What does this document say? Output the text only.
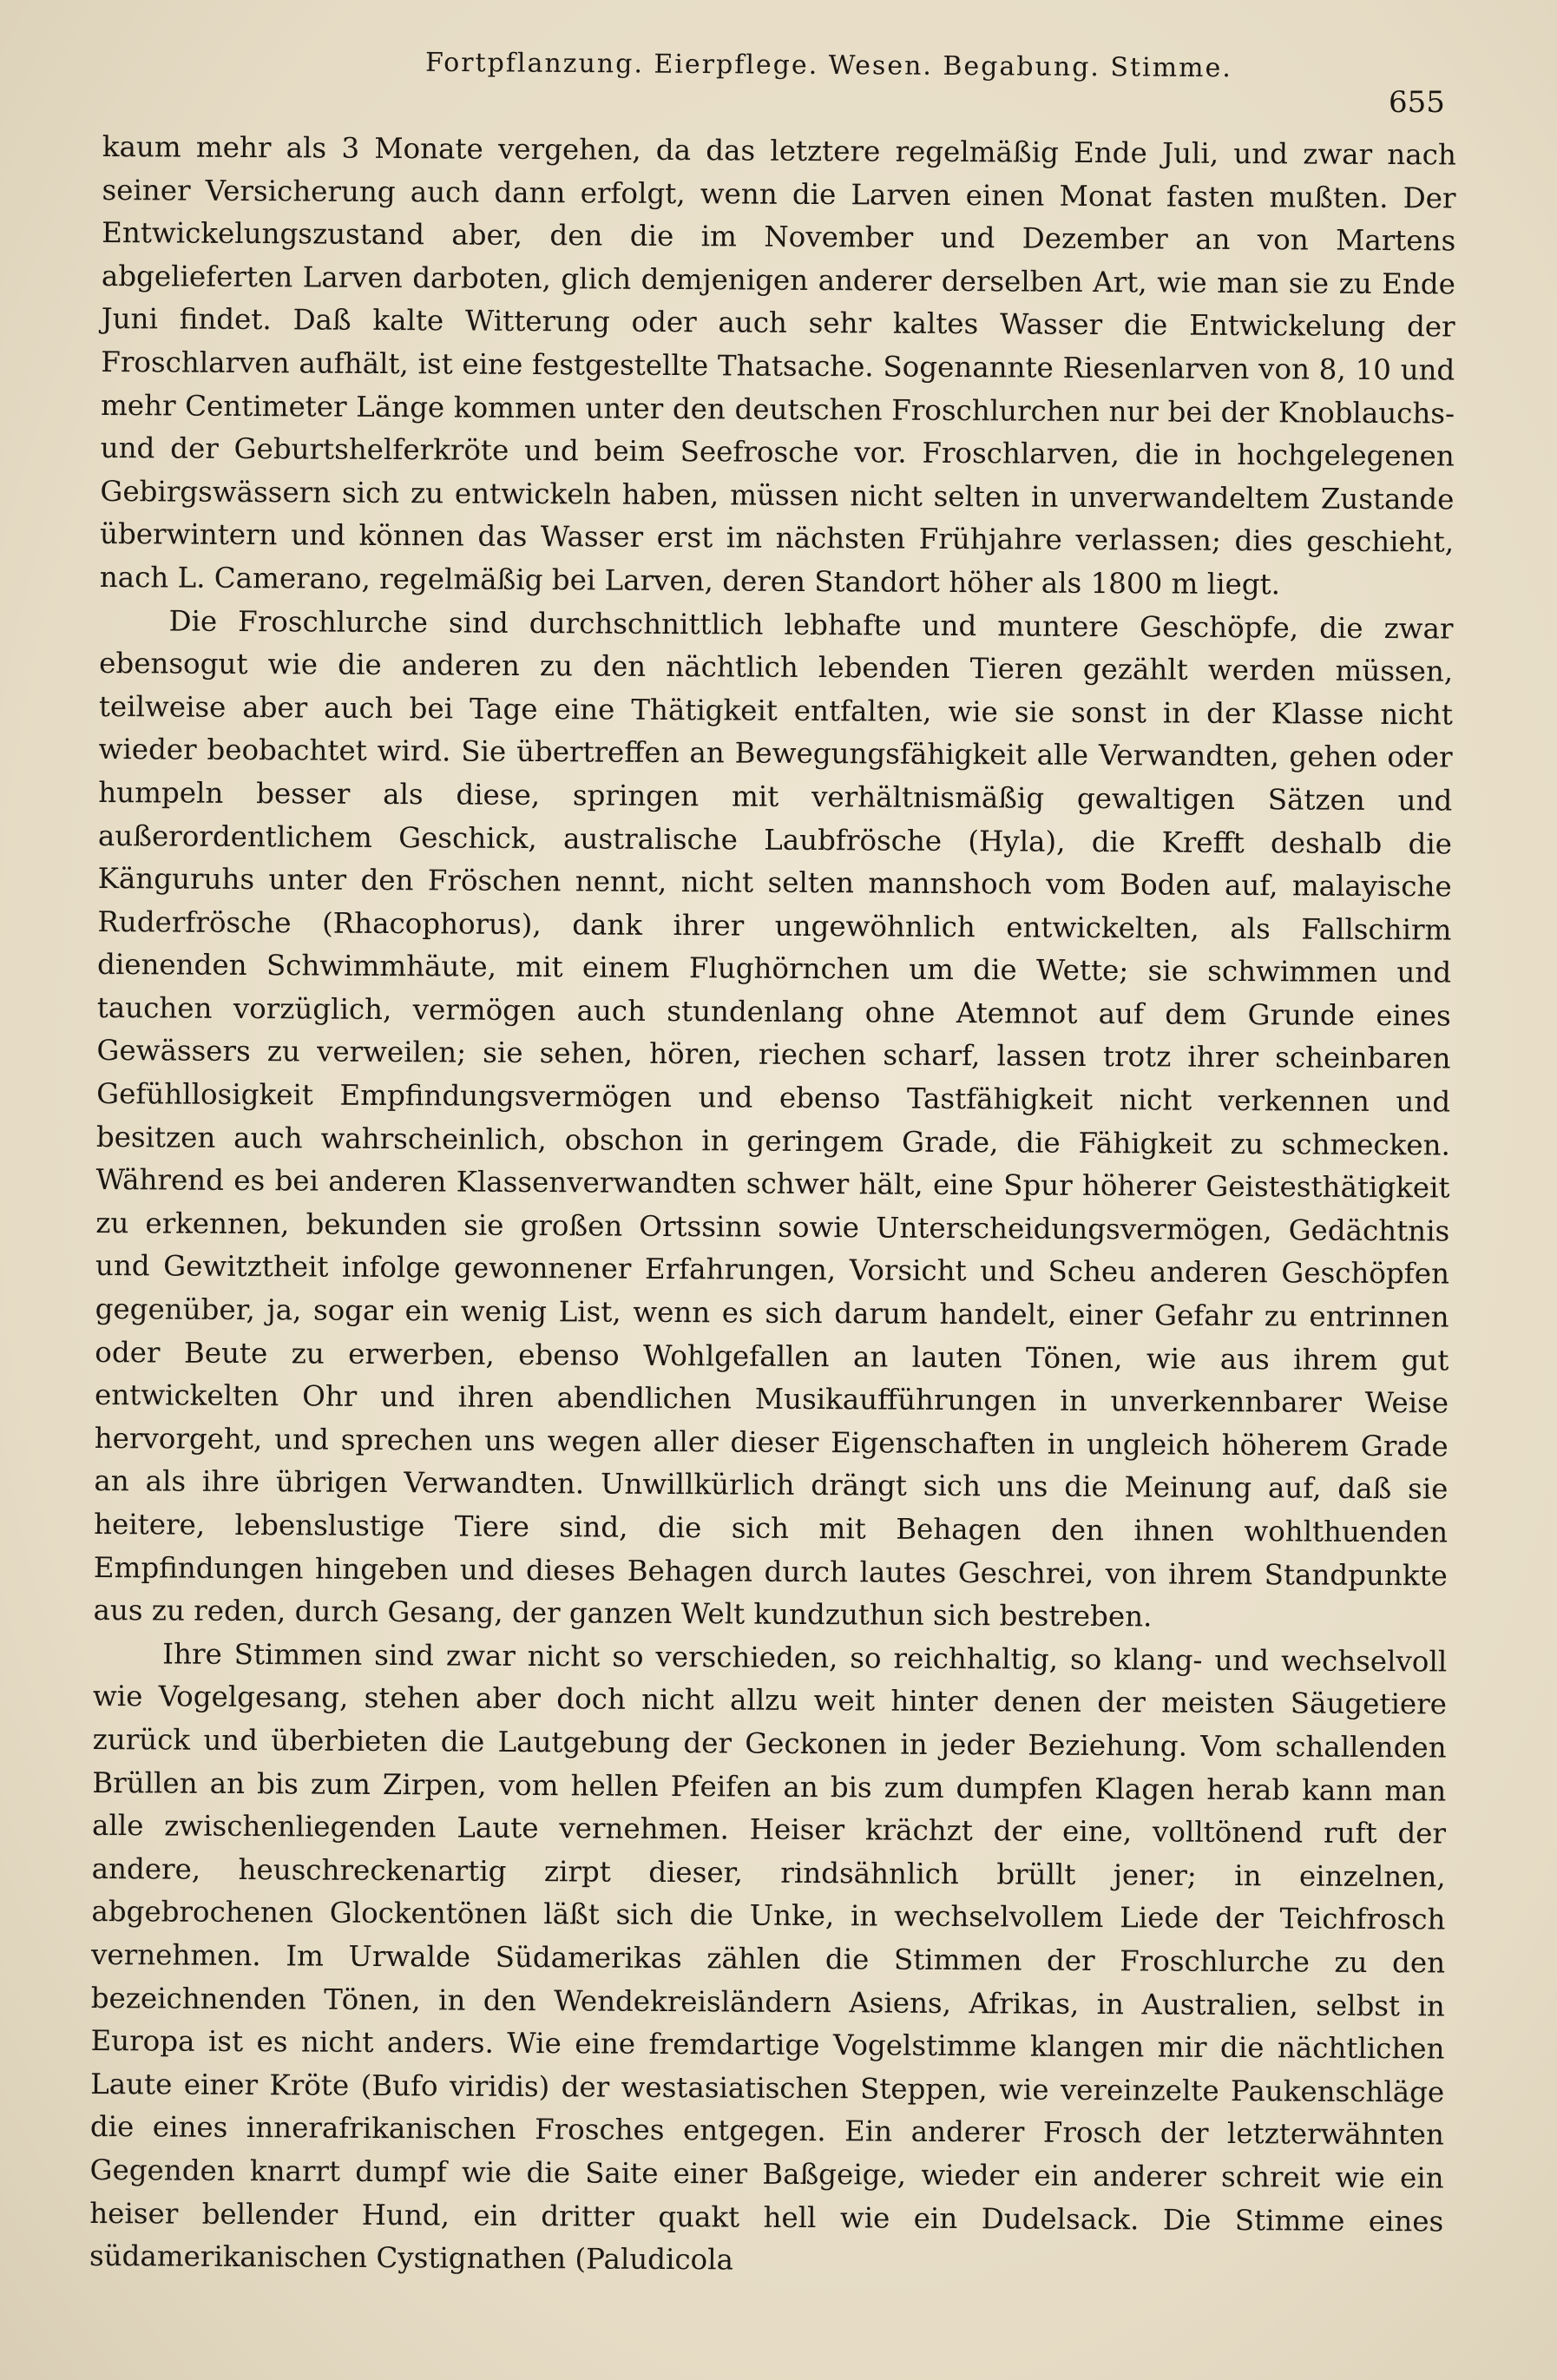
Fortpflanzung. Eierpflege. Wesen. Begabung. Stimme.
655

kaum mehr als 3 Monate vergehen, da das letztere regelmäßig Ende Juli, und zwar nach seiner Versicherung auch dann erfolgt, wenn die Larven einen Monat fasten mußten. Der Entwickelungszustand aber, den die im November und Dezember an von Martens abgelieferten Larven darboten, glich demjenigen anderer derselben Art, wie man sie zu Ende Juni findet. Daß kalte Witterung oder auch sehr kaltes Wasser die Entwickelung der Froschlarven aufhält, ist eine festgestellte Thatsache. Sogenannte Riesenlarven von 8, 10 und mehr Centimeter Länge kommen unter den deutschen Froschlurchen nur bei der Knoblauchs- und der Geburtshelferkröte und beim Seefrosche vor. Froschlarven, die in hochgelegenen Gebirgswässern sich zu entwickeln haben, müssen nicht selten in unverwandeltem Zustande überwintern und können das Wasser erst im nächsten Frühjahre verlassen; dies geschieht, nach L. Camerano, regelmäßig bei Larven, deren Standort höher als 1800 m liegt.

Die Froschlurche sind durchschnittlich lebhafte und muntere Geschöpfe, die zwar ebensogut wie die anderen zu den nächtlich lebenden Tieren gezählt werden müssen, teilweise aber auch bei Tage eine Thätigkeit entfalten, wie sie sonst in der Klasse nicht wieder beobachtet wird. Sie übertreffen an Bewegungsfähigkeit alle Verwandten, gehen oder humpeln besser als diese, springen mit verhältnismäßig gewaltigen Sätzen und außerordentlichem Geschick, australische Laubfrösche (Hyla), die Krefft deshalb die Känguruhs unter den Fröschen nennt, nicht selten mannshoch vom Boden auf, malayische Ruderfrösche (Rhacophorus), dank ihrer ungewöhnlich entwickelten, als Fallschirm dienenden Schwimmhäute, mit einem Flughörnchen um die Wette; sie schwimmen und tauchen vorzüglich, vermögen auch stundenlang ohne Atemnot auf dem Grunde eines Gewässers zu verweilen; sie sehen, hören, riechen scharf, lassen trotz ihrer scheinbaren Gefühllosigkeit Empfindungsvermögen und ebenso Tastfähigkeit nicht verkennen und besitzen auch wahrscheinlich, obschon in geringem Grade, die Fähigkeit zu schmecken. Während es bei anderen Klassenverwandten schwer hält, eine Spur höherer Geistesthätigkeit zu erkennen, bekunden sie großen Ortssinn sowie Unterscheidungsvermögen, Gedächtnis und Gewitztheit infolge gewonnener Erfahrungen, Vorsicht und Scheu anderen Geschöpfen gegenüber, ja, sogar ein wenig List, wenn es sich darum handelt, einer Gefahr zu entrinnen oder Beute zu erwerben, ebenso Wohlgefallen an lauten Tönen, wie aus ihrem gut entwickelten Ohr und ihren abendlichen Musikaufführungen in unverkennbarer Weise hervorgeht, und sprechen uns wegen aller dieser Eigenschaften in ungleich höherem Grade an als ihre übrigen Verwandten. Unwillkürlich drängt sich uns die Meinung auf, daß sie heitere, lebenslustige Tiere sind, die sich mit Behagen den ihnen wohlthuenden Empfindungen hingeben und dieses Behagen durch lautes Geschrei, von ihrem Standpunkte aus zu reden, durch Gesang, der ganzen Welt kundzuthun sich bestreben.

Ihre Stimmen sind zwar nicht so verschieden, so reichhaltig, so klang- und wechselvoll wie Vogelgesang, stehen aber doch nicht allzu weit hinter denen der meisten Säugetiere zurück und überbieten die Lautgebung der Geckonen in jeder Beziehung. Vom schallenden Brüllen an bis zum Zirpen, vom hellen Pfeifen an bis zum dumpfen Klagen herab kann man alle zwischenliegenden Laute vernehmen. Heiser krächzt der eine, volltönend ruft der andere, heuschreckenartig zirpt dieser, rindsähnlich brüllt jener; in einzelnen, abgebrochenen Glockentönen läßt sich die Unke, in wechselvollem Liede der Teichfrosch vernehmen. Im Urwalde Südamerikas zählen die Stimmen der Froschlurche zu den bezeichnenden Tönen, in den Wendekreisländern Asiens, Afrikas, in Australien, selbst in Europa ist es nicht anders. Wie eine fremdartige Vogelstimme klangen mir die nächtlichen Laute einer Kröte (Bufo viridis) der westasiatischen Steppen, wie vereinzelte Paukenschläge die eines innerafrikanischen Frosches entgegen. Ein anderer Frosch der letzterwähnten Gegenden knarrt dumpf wie die Saite einer Baßgeige, wieder ein anderer schreit wie ein heiser bellender Hund, ein dritter quakt hell wie ein Dudelsack. Die Stimme eines südamerikanischen Cystignathen (Paludicola
